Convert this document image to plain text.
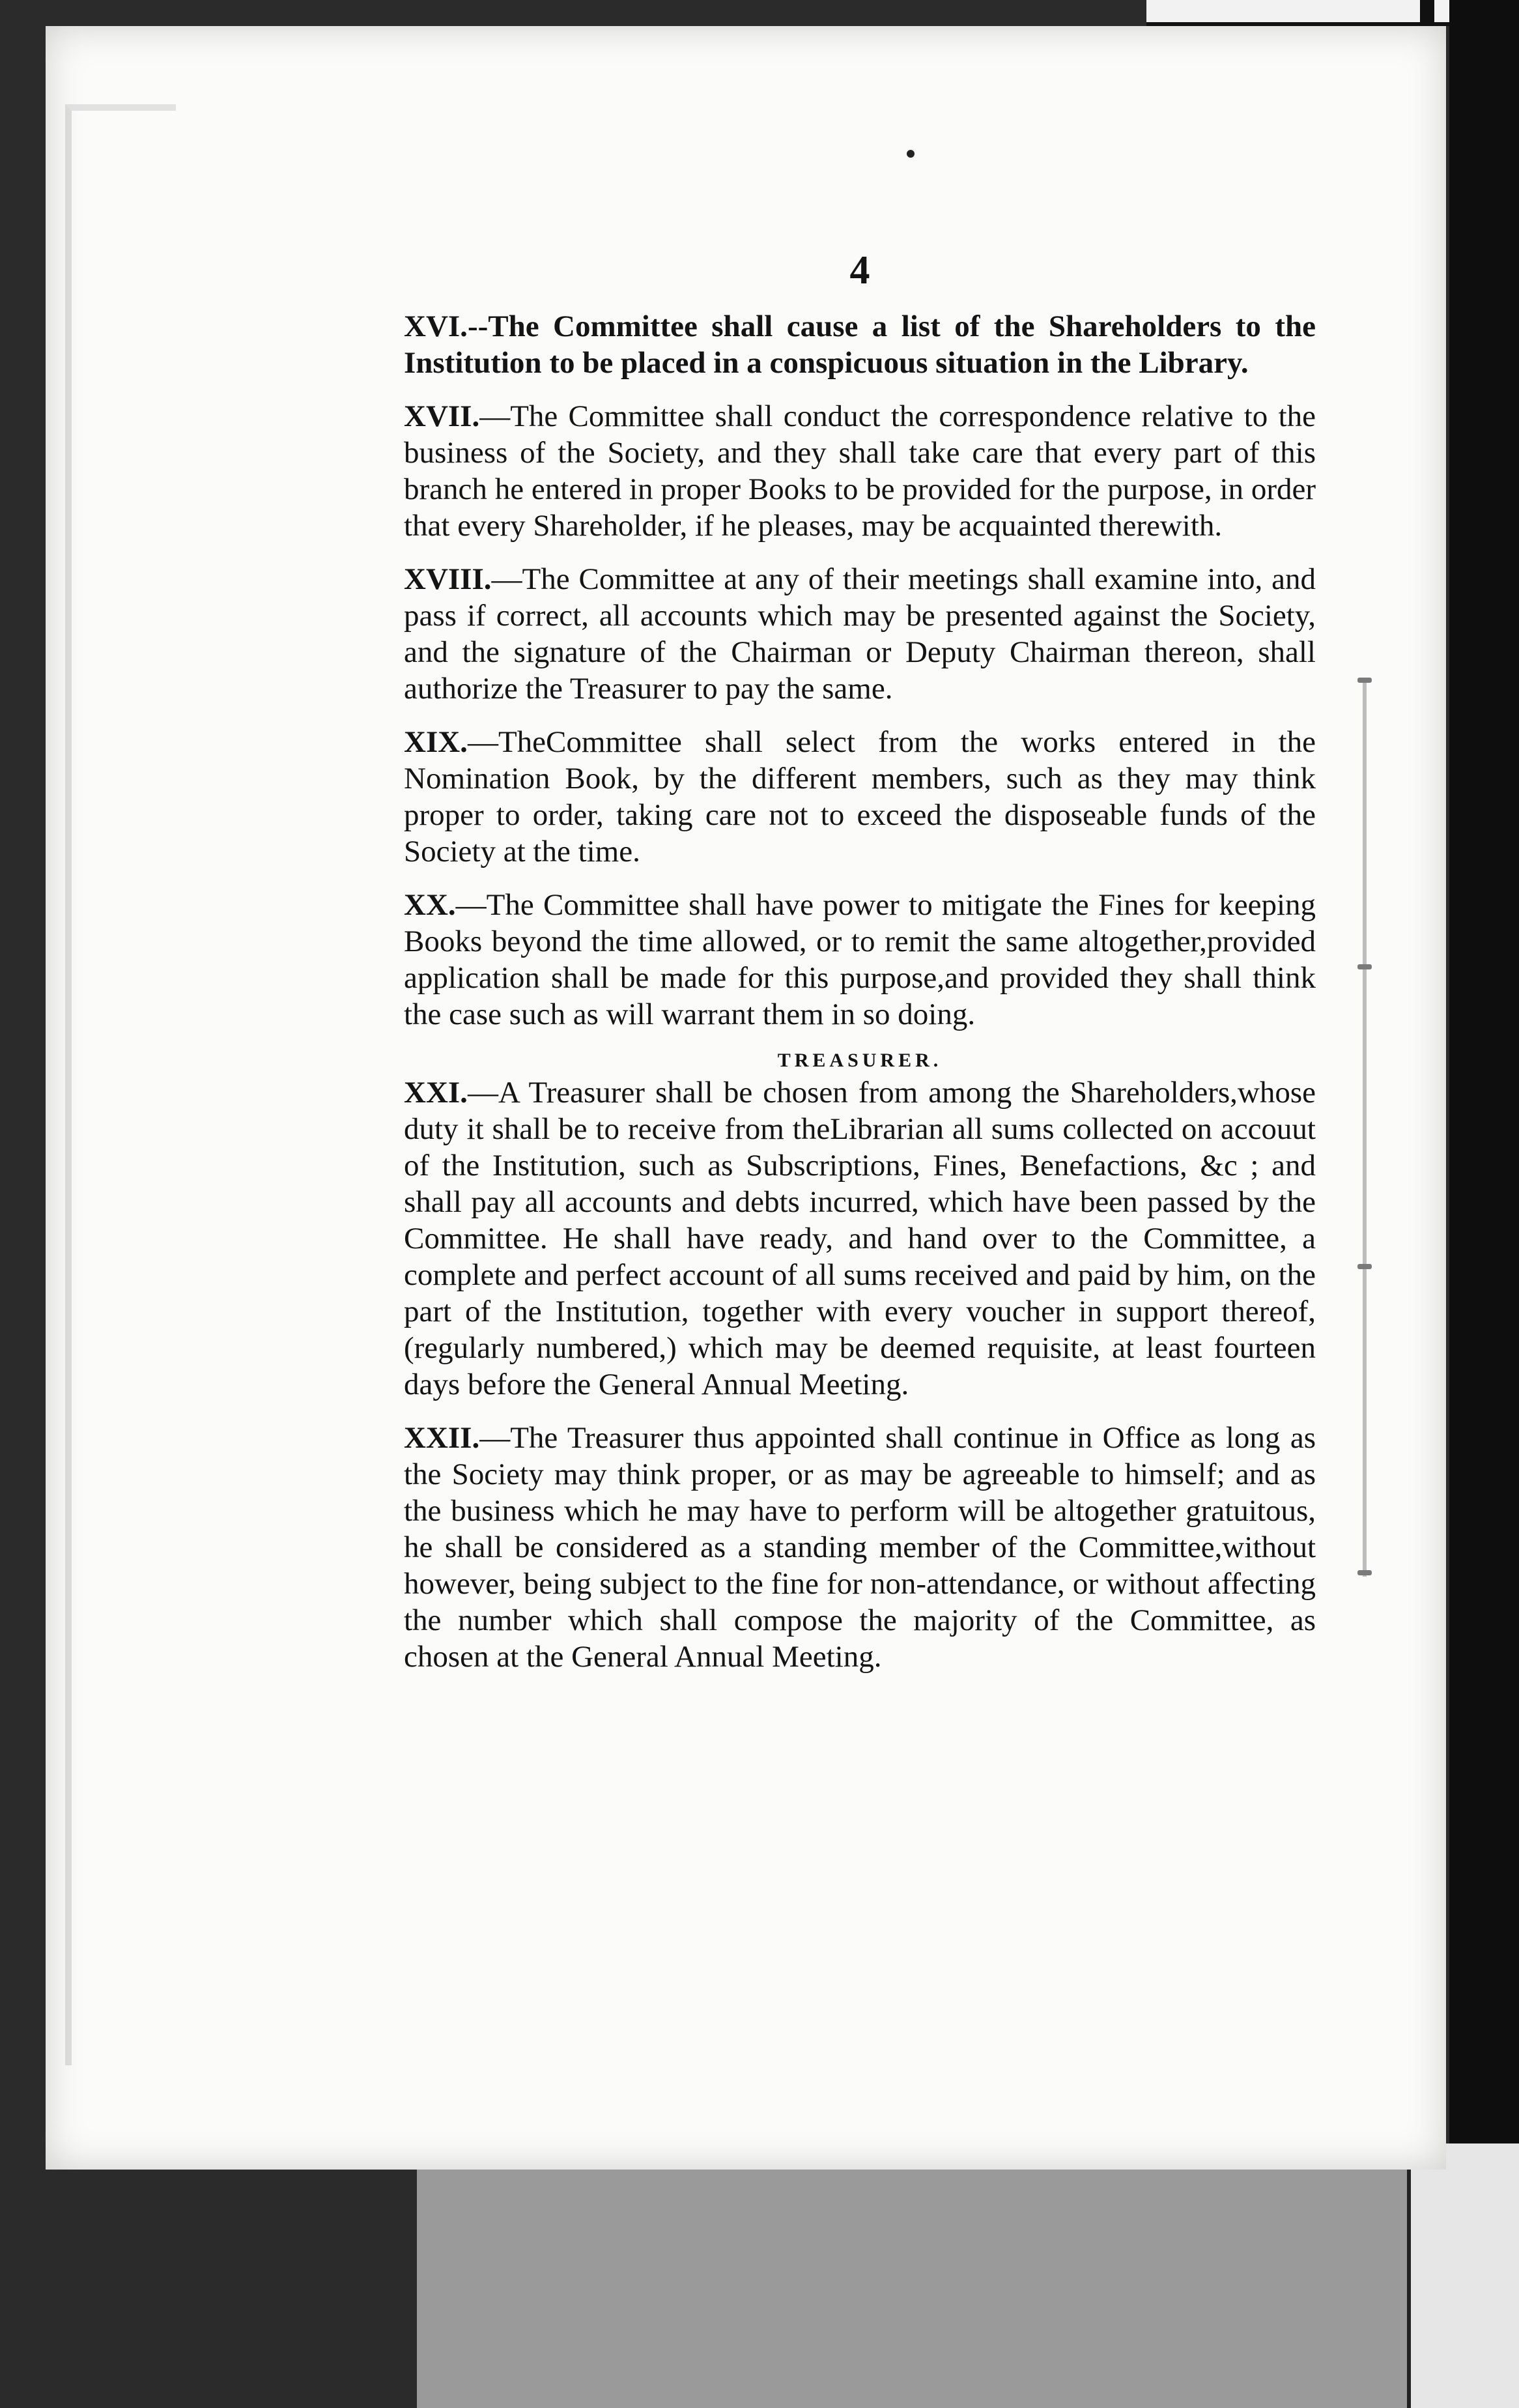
4

XVI.--The Committee shall cause a list of the Shareholders to the Institution to be placed in a conspicuous situation in the Library.

XVII.—The Committee shall conduct the correspondence relative to the business of the Society, and they shall take care that every part of this branch he entered in proper Books to be provided for the purpose, in order that every Shareholder, if he pleases, may be acquainted therewith.

XVIII.—The Committee at any of their meetings shall examine into, and pass if correct, all accounts which may be presented against the Society, and the signature of the Chairman or Deputy Chairman thereon, shall authorize the Treasurer to pay the same.

XIX.—TheCommittee shall select from the works entered in the Nomination Book, by the different members, such as they may think proper to order, taking care not to exceed the disposeable funds of the Society at the time.

XX.—The Committee shall have power to mitigate the Fines for keeping Books beyond the time allowed, or to remit the same altogether,provided application shall be made for this purpose,and provided they shall think the case such as will warrant them in so doing.

TREASURER.

XXI.—A Treasurer shall be chosen from among the Shareholders,whose duty it shall be to receive from theLibrarian all sums collected on accouut of the Institution, such as Subscriptions, Fines, Benefactions, &c ; and shall pay all accounts and debts incurred, which have been passed by the Committee. He shall have ready, and hand over to the Committee, a complete and perfect account of all sums received and paid by him, on the part of the Institution, together with every voucher in support thereof, (regularly numbered,) which may be deemed requisite, at least fourteen days before the General Annual Meeting.

XXII.—The Treasurer thus appointed shall continue in Office as long as the Society may think proper, or as may be agreeable to himself; and as the business which he may have to perform will be altogether gratuitous, he shall be considered as a standing member of the Committee,without however, being subject to the fine for non-attendance, or without affecting the number which shall compose the majority of the Committee, as chosen at the General Annual Meeting.
